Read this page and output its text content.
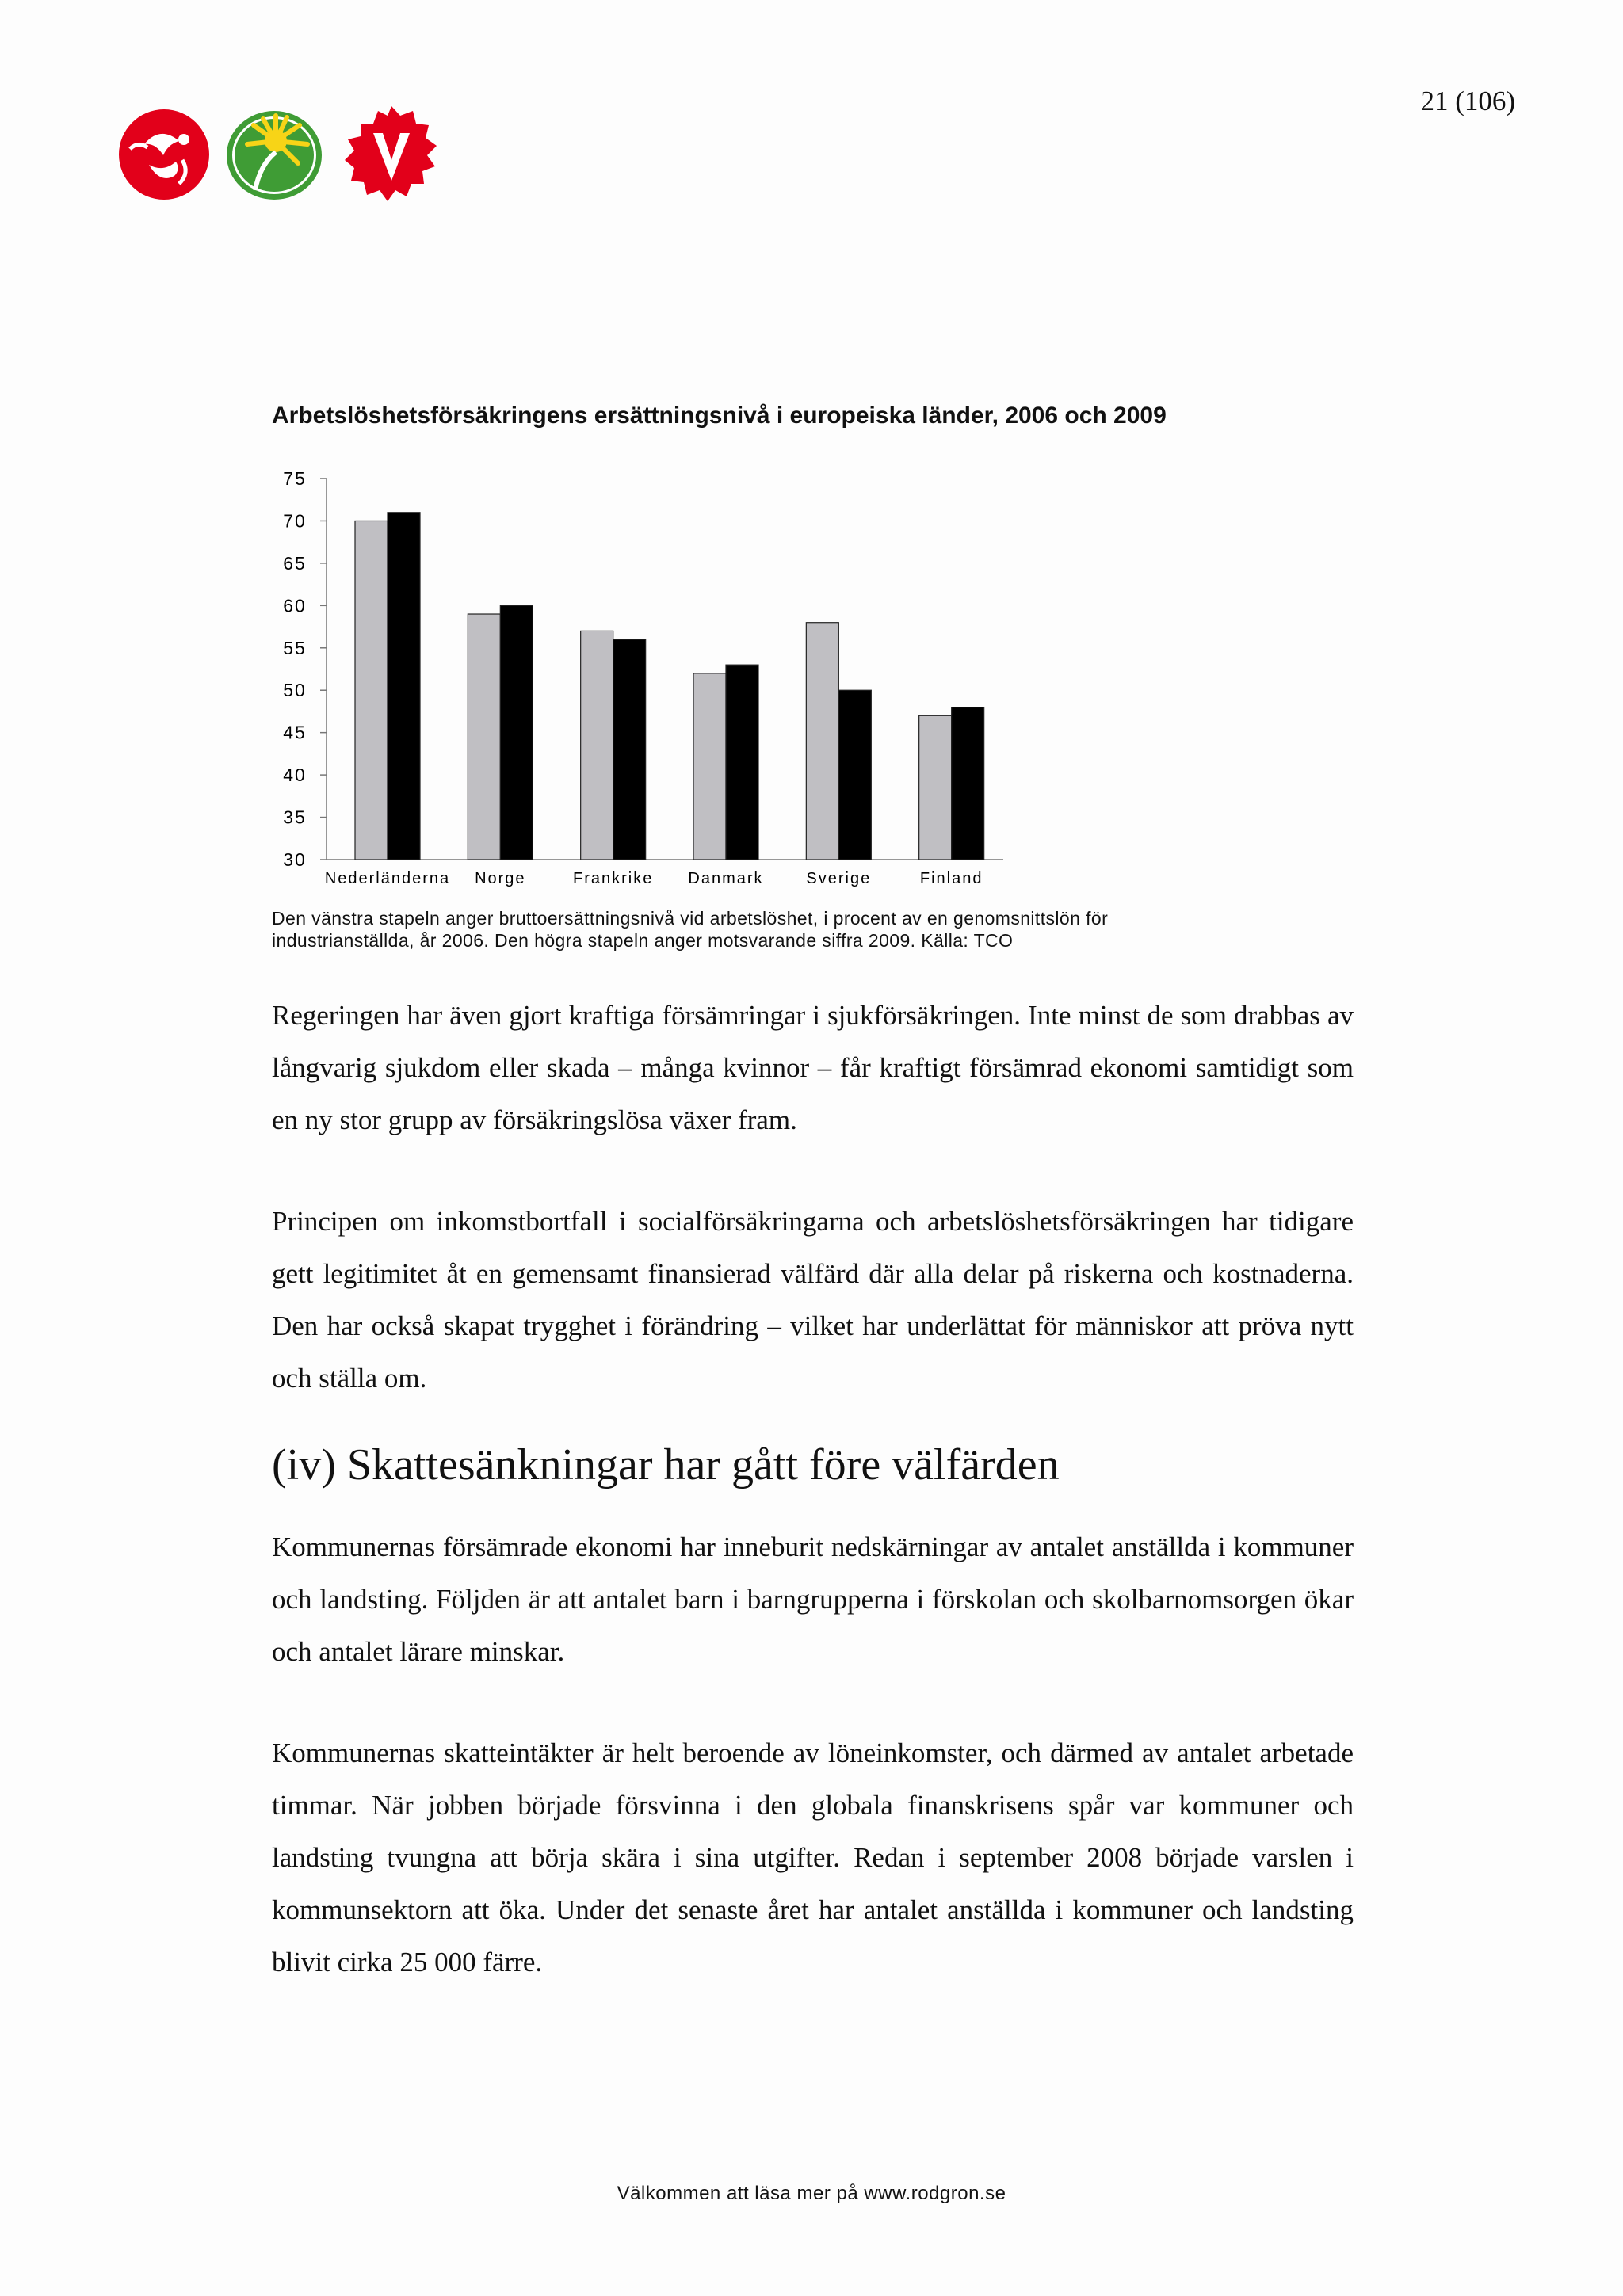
21 (106)
Arbetslöshetsförsäkringens ersättningsnivå i europeiska länder, 2006 och 2009
75
70
65
60
55
50
45
40
35
30
Nederländerna Norge	Frankrike Danmark	Sverige	Finland
Den vänstra stapeln anger bruttoersättningsnivå vid arbetslöshet, i procent av en genomsnittslön för
industrianställda, år 2006. Den högra stapeln anger motsvarande siffra 2009. Källa: TCO

Regeringen har även gjort kraftiga försämringar i sjukförsäkringen. Inte minst de som drabbas av långvarig sjukdom eller skada – många kvinnor – får kraftigt försämrad ekonomi samtidigt som en ny stor grupp av försäkringslösa växer fram.

Principen om inkomstbortfall i socialförsäkringarna och arbetslöshetsförsäkringen har tidigare gett legitimitet åt en gemensamt finansierad välfärd där alla delar på riskerna och kostnaderna. Den har också skapat trygghet i förändring – vilket har underlättat för människor att pröva nytt och ställa om.

(iv) Skattesänkningar har gått före välfärden

Kommunernas försämrade ekonomi har inneburit nedskärningar av antalet anställda i kommuner och landsting. Följden är att antalet barn i barngrupperna i förskolan och skolbarnomsorgen ökar och antalet lärare minskar.

Kommunernas skatteintäkter är helt beroende av löneinkomster, och därmed av antalet arbetade timmar. När jobben började försvinna i den globala finanskrisens spår var kommuner och landsting tvungna att börja skära i sina utgifter. Redan i september 2008 började varslen i kommunsektorn att öka. Under det senaste året har antalet anställda i kommuner och landsting blivit cirka 25 000 färre.

Välkommen att läsa mer på www.rodgron.se
